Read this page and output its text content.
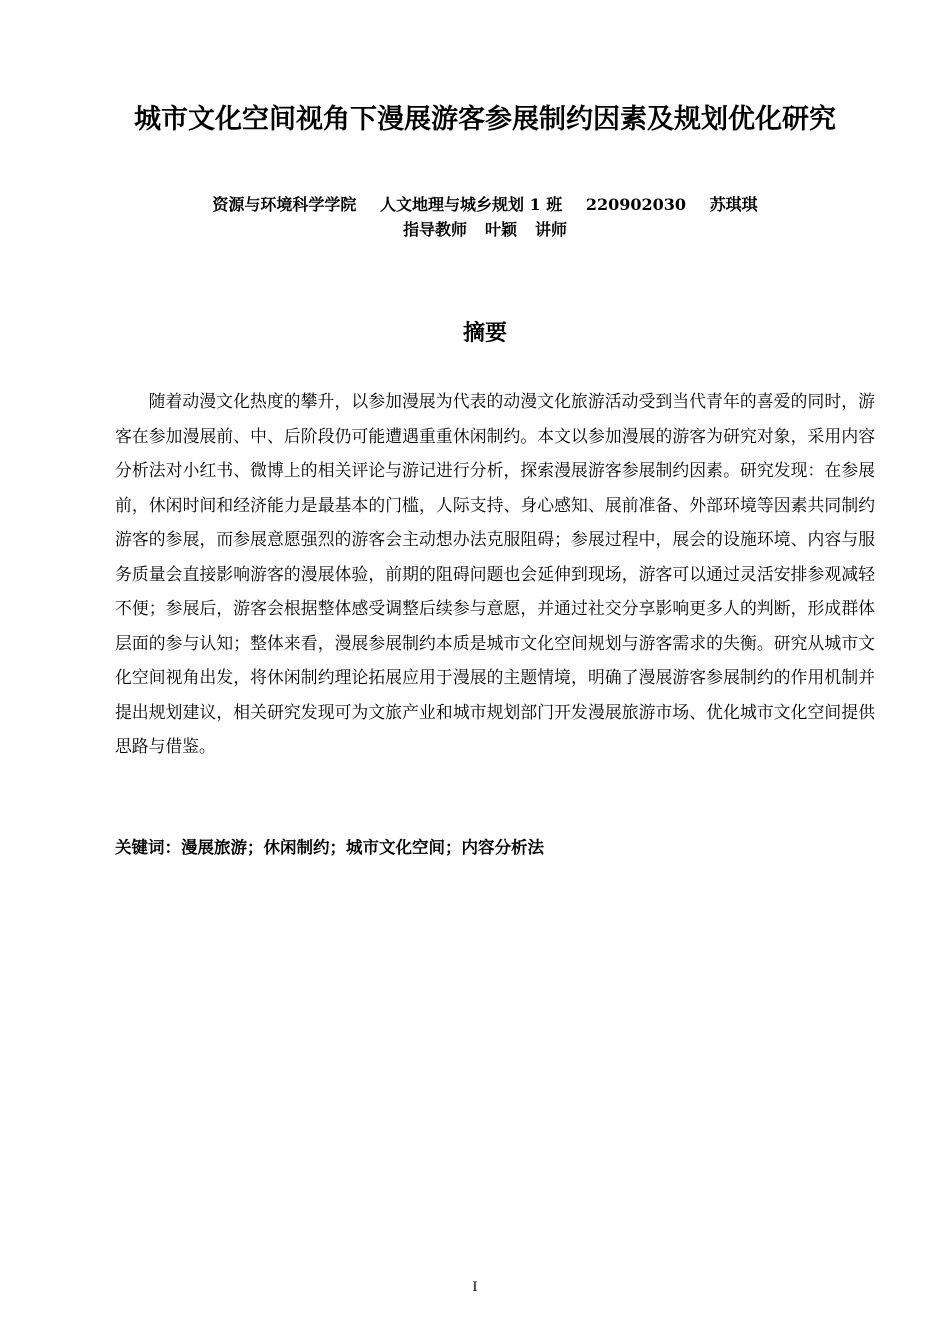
城市文化空间视角下漫展游客参展制约因素及规划优化研究
资源与环境科学学院 人文地理与城乡规划 1 班 220902030 苏琪琪
指导教师 叶颖 讲师
摘要

随着动漫文化热度的攀升，以参加漫展为代表的动漫文化旅游活动受到当代青年的喜爱的同时，游客在参加漫展前、中、后阶段仍可能遭遇重重休闲制约。本文以参加漫展的游客为研究对象，采用内容分析法对小红书、微博上的相关评论与游记进行分析，探索漫展游客参展制约因素。研究发现：在参展前，休闲时间和经济能力是最基本的门槛，人际支持、身心感知、展前准备、外部环境等因素共同制约游客的参展，而参展意愿强烈的游客会主动想办法克服阻碍；参展过程中，展会的设施环境、内容与服务质量会直接影响游客的漫展体验，前期的阻碍问题也会延伸到现场，游客可以通过灵活安排参观减轻不便；参展后，游客会根据整体感受调整后续参与意愿，并通过社交分享影响更多人的判断，形成群体层面的参与认知；整体来看，漫展参展制约本质是城市文化空间规划与游客需求的失衡。研究从城市文化空间视角出发，将休闲制约理论拓展应用于漫展的主题情境，明确了漫展游客参展制约的作用机制并提出规划建议，相关研究发现可为文旅产业和城市规划部门开发漫展旅游市场、优化城市文化空间提供思路与借鉴。

关键词：漫展旅游；休闲制约；城市文化空间；内容分析法

I
